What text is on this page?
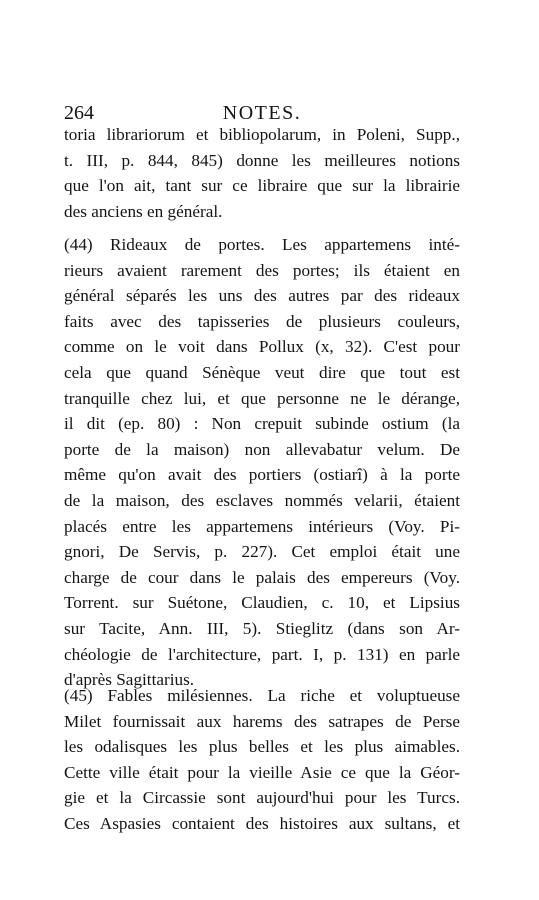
264	NOTES.
toria librariorum et bibliopolarum, in Poleni, Supp.,
t. III, p. 844, 845) donne les meilleures notions
que l'on ait, tant sur ce libraire que sur la librairie
des anciens en général.
(44) Rideaux de portes. Les appartemens inté-
rieurs avaient rarement des portes; ils étaient en
général séparés les uns des autres par des rideaux
faits avec des tapisseries de plusieurs couleurs,
comme on le voit dans Pollux (x, 32). C'est pour
cela que quand Sénèque veut dire que tout est
tranquille chez lui, et que personne ne le dérange,
il dit (ep. 80) : Non crepuit subinde ostium (la
porte de la maison) non allevabatur velum. De
même qu'on avait des portiers (ostiarî) à la porte
de la maison, des esclaves nommés velarii, étaient
placés entre les appartemens intérieurs (Voy. Pi-
gnori, De Servis, p. 227). Cet emploi était une
charge de cour dans le palais des empereurs (Voy.
Torrent. sur Suétone, Claudien, c. 10, et Lipsius
sur Tacite, Ann. III, 5). Stieglitz (dans son Ar-
chéologie de l'architecture, part. I, p. 131) en parle
d'après Sagittarius.
(45) Fables milésiennes. La riche et voluptueuse
Milet fournissait aux harems des satrapes de Perse
les odalisques les plus belles et les plus aimables.
Cette ville était pour la vieille Asie ce que la Géor-
gie et la Circassie sont aujourd'hui pour les Turcs.
Ces Aspasies contaient des histoires aux sultans, et
